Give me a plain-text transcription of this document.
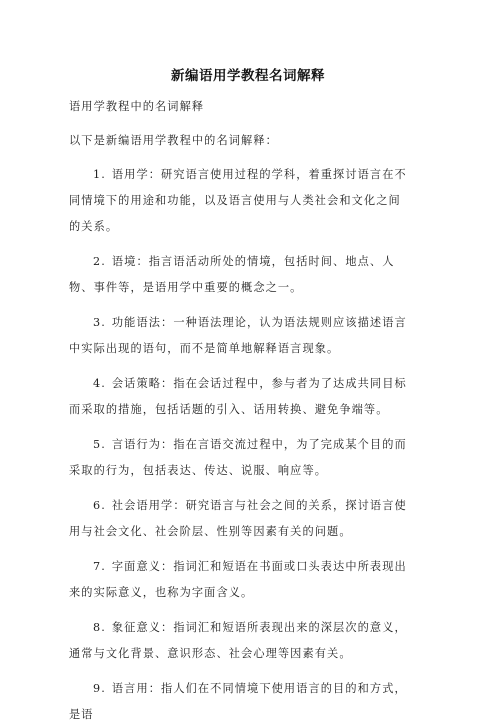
新编语用学教程名词解释

语用学教程中的名词解释

以下是新编语用学教程中的名词解释：

1. 语用学：研究语言使用过程的学科，着重探讨语言在不同情境下的用途和功能，以及语言使用与人类社会和文化之间的关系。

2. 语境：指言语活动所处的情境，包括时间、地点、人物、事件等，是语用学中重要的概念之一。

3. 功能语法：一种语法理论，认为语法规则应该描述语言中实际出现的语句，而不是简单地解释语言现象。

4. 会话策略：指在会话过程中，参与者为了达成共同目标而采取的措施，包括话题的引入、话用转换、避免争端等。

5. 言语行为：指在言语交流过程中，为了完成某个目的而采取的行为，包括表达、传达、说服、响应等。

6. 社会语用学：研究语言与社会之间的关系，探讨语言使用与社会文化、社会阶层、性别等因素有关的问题。

7. 字面意义：指词汇和短语在书面或口头表达中所表现出来的实际意义，也称为字面含义。

8. 象征意义：指词汇和短语所表现出来的深层次的意义，通常与文化背景、意识形态、社会心理等因素有关。

9. 语言用：指人们在不同情境下使用语言的目的和方式，是语
